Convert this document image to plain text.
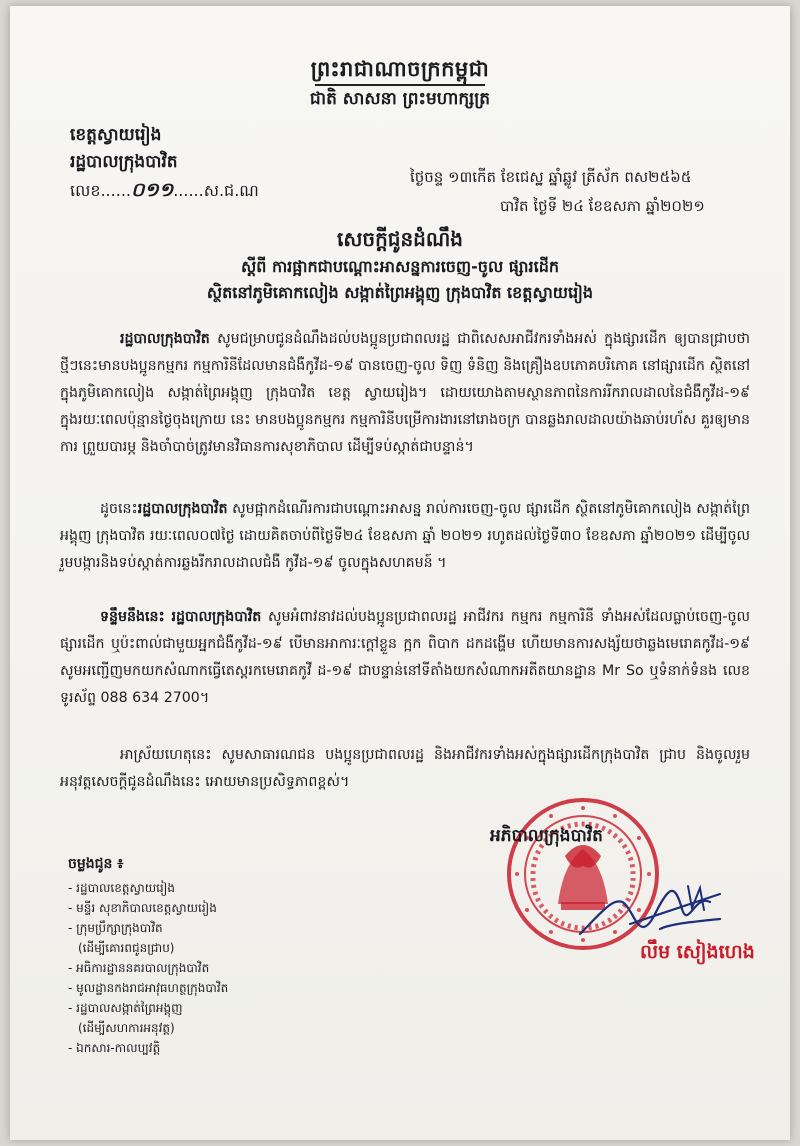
ព្រះរាជាណាចក្រកម្ពុជា
ជាតិ សាសនា ព្រះមហាក្សត្រ
ខេត្តស្វាយរៀង
រដ្ឋបាលក្រុងបាវិត
លេខ......០១១......ស.ជ.ណ
ថ្ងៃចន្ទ ១៣កើត ខែជេស្ឋ ឆ្នាំឆ្លូវ ត្រីស័ក ពស២៥៦៥
បាវិត ថ្ងៃទី ២៤ ខែឧសភា ឆ្នាំ២០២១
សេចក្តីជូនដំណឹង
ស្តីពី ការផ្អាកជាបណ្តោះអាសន្នការចេញ-ចូល ផ្សារដើក
ស្ថិតនៅភូមិគោកលៀង សង្កាត់ព្រៃអង្គុញ ក្រុងបាវិត ខេត្តស្វាយរៀង

រដ្ឋបាលក្រុងបាវិត សូមជម្រាបជូនដំណឹងដល់បងប្អូនប្រជាពលរដ្ឋ ជាពិសេសអាជីវករទាំងអស់ ក្នុងផ្សារដើក ឲ្យបានជ្រាបថា ថ្មីៗនេះមានបងប្អូនកម្មករ កម្មការិនីដែលមានជំងឺកូវីដ-១៩ បានចេញ-ចូល ទិញ ទំនិញ និងគ្រឿងឧបភោគបរិភោគ នៅផ្សារដើក ស្ថិតនៅក្នុងភូមិគោកលៀង សង្កាត់ព្រៃអង្គុញ ក្រុងបាវិត ខេត្ត ស្វាយរៀង។ ដោយយោងតាមស្ថានភាពនៃការរីករាលដាលនៃជំងឺកូវីដ-១៩ ក្នុងរយៈពេលប៉ុន្មានថ្ងៃចុងក្រោយ នេះ មានបងប្អូនកម្មករ កម្មការិនីបម្រើការងារនៅរោងចក្រ បានឆ្លងរាលដាលយ៉ាងឆាប់រហ័ស គួរឲ្យមានការ ព្រួយបារម្ភ និងចាំបាច់ត្រូវមានវិធានការសុខាភិបាល ដើម្បីទប់ស្កាត់ជាបន្ទាន់។

ដូចនេះរដ្ឋបាលក្រុងបាវិត សូមផ្អាកដំណើរការជាបណ្តោះអាសន្ន រាល់ការចេញ-ចូល ផ្សារដើក ស្ថិតនៅភូមិគោកលៀង សង្កាត់ព្រៃអង្គុញ ក្រុងបាវិត រយៈពេល០៧ថ្ងៃ ដោយគិតចាប់ពីថ្ងៃទី២៤ ខែឧសភា ឆ្នាំ ២០២១ រហូតដល់ថ្ងៃទី៣០ ខែឧសភា ឆ្នាំ២០២១ ដើម្បីចូលរួមបង្ការនិងទប់ស្កាត់ការឆ្លងរីករាលដាលជំងឺ កូវីដ-១៩ ចូលក្នុងសហគមន៍ ។

ទន្ទឹមនឹងនេះ រដ្ឋបាលក្រុងបាវិត សូមអំពាវនាវដល់បងប្អូនប្រជាពលរដ្ឋ អាជីវករ កម្មករ កម្មការិនី ទាំងអស់ដែលធ្លាប់ចេញ-ចូលផ្សារដើក ឬប៉ះពាល់ជាមួយអ្នកជំងឺកូវីដ-១៩ បើមានអាការៈក្តៅខ្លួន ក្អក ពិបាក ដកដង្ហើម ហើយមានការសង្ស័យថាឆ្លងមេរោគកូវីដ-១៩ សូមអញ្ជើញមកយកសំណាកធ្វើតេស្តរកមេរោគកូវី ដ-១៩ ជាបន្ទាន់នៅទីតាំងយកសំណាកអតីតយានដ្ឋាន Mr So ឬទំនាក់ទំនង លេខទូរស័ព្ទ 088 634 2700។

អាស្រ័យហេតុនេះ សូមសាធារណជន បងប្អូនប្រជាពលរដ្ឋ និងអាជីវករទាំងអស់ក្នុងផ្សារដើកក្រុងបាវិត ជ្រាប និងចូលរួមអនុវត្តសេចក្តីជូនដំណឹងនេះ អោយមានប្រសិទ្ធភាពខ្ពស់។

អភិបាលក្រុងបាវិត
លឹម សៀងហេង
ចម្លងជូន ៖
- រដ្ឋបាលខេត្តស្វាយរៀង
- មន្ទីរ សុខាភិបាលខេត្តស្វាយរៀង
- ក្រុមប្រឹក្សាក្រុងបាវិត
(ដើម្បីគោរពជូនជ្រាប)
- អធិការដ្ឋាននគរបាលក្រុងបាវិត
- មូលដ្ឋានកងរាជអាវុធហត្ថក្រុងបាវិត
- រដ្ឋបាលសង្កាត់ព្រៃអង្គុញ
(ដើម្បីសហការអនុវត្ត)
- ឯកសារ-កាលប្បវត្តិ
